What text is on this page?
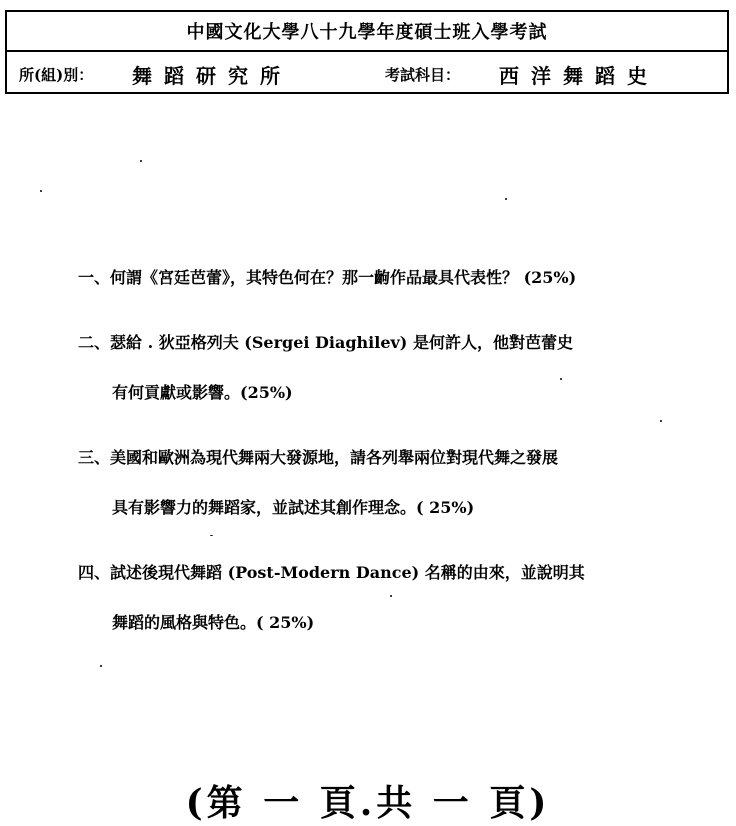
中國文化大學八十九學年度碩士班入學考試
所(組)別： 舞蹈研究所	考試科目： 西洋舞蹈史
一、何謂《宮廷芭蕾》，其特色何在？那一齣作品最具代表性？ (25%)
二、瑟給 . 狄亞格列夫 (Sergei Diaghilev) 是何許人，他對芭蕾史
有何貢獻或影響。(25%)
三、美國和歐洲為現代舞兩大發源地，請各列舉兩位對現代舞之發展
具有影響力的舞蹈家，並試述其創作理念。( 25%)
四、試述後現代舞蹈 (Post-Modern Dance) 名稱的由來，並說明其
舞蹈的風格與特色。( 25%)
(第 一 頁.共 一 頁)
